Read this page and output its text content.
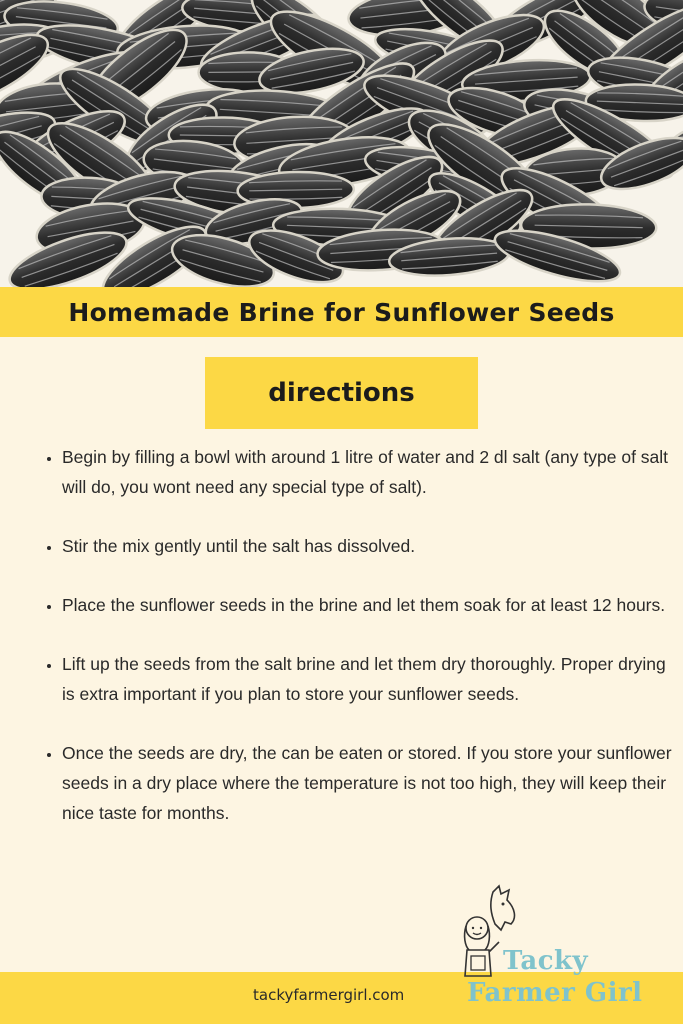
Homemade Brine for Sunflower Seeds
directions
• Begin by filling a bowl with around 1 litre of water and 2 dl salt (any type of salt will do, you wont need any special type of salt).
• Stir the mix gently until the salt has dissolved.
• Place the sunflower seeds in the brine and let them soak for at least 12 hours.
• Lift up the seeds from the salt brine and let them dry thoroughly. Proper drying is extra important if you plan to store your sunflower seeds.
• Once the seeds are dry, the can be eaten or stored. If you store your sunflower seeds in a dry place where the temperature is not too high, they will keep their nice taste for months.
tackyfarmergirl.com
Tacky
Farmer Girl
